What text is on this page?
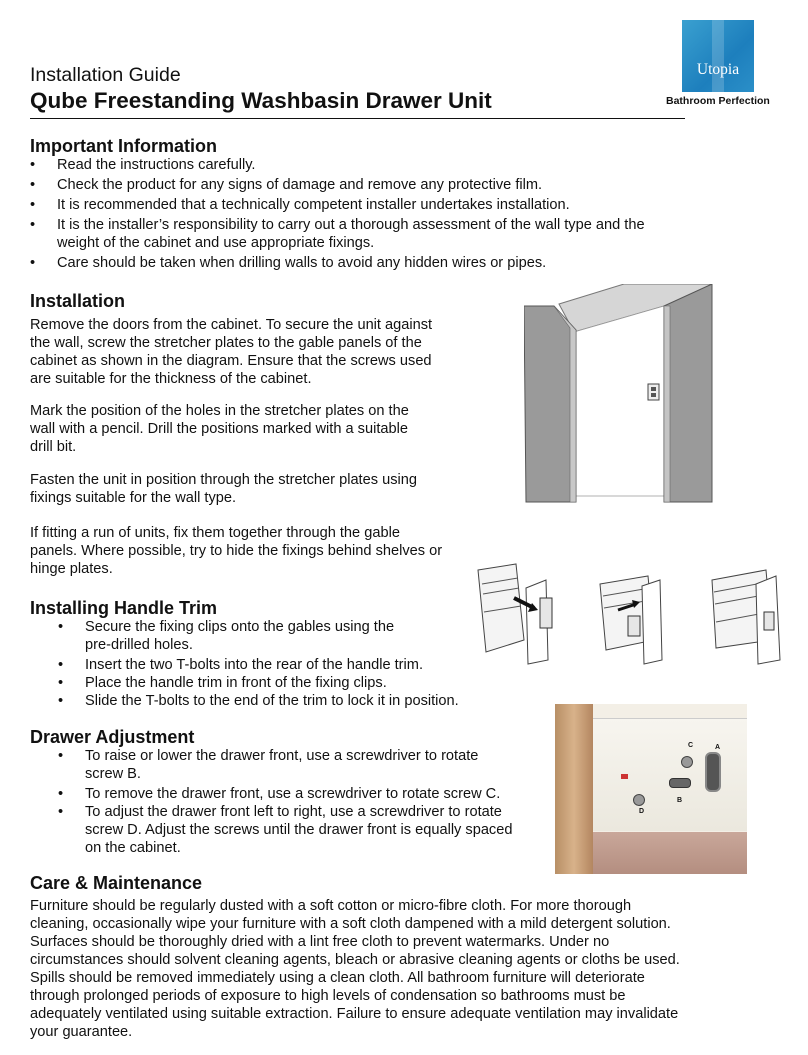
Installation Guide
Qube Freestanding Washbasin Drawer Unit
Utopia
Bathroom Perfection
Important Information
• Read the instructions carefully.
• Check the product for any signs of damage and remove any protective film.
• It is recommended that a technically competent installer undertakes installation.
• It is the installer’s responsibility to carry out a thorough assessment of the wall type and the weight of the cabinet and use appropriate fixings.
• Care should be taken when drilling walls to avoid any hidden wires or pipes.
Installation

Remove the doors from the cabinet. To secure the unit against the wall, screw the stretcher plates to the gable panels of the cabinet as shown in the diagram. Ensure that the screws used are suitable for the thickness of the cabinet.

Mark the position of the holes in the stretcher plates on the wall with a pencil. Drill the positions marked with a suitable drill bit.

Fasten the unit in position through the stretcher plates using fixings suitable for the wall type.

If fitting a run of units, fix them together through the gable panels. Where possible, try to hide the fixings behind shelves or hinge plates.

Installing Handle Trim
• Secure the fixing clips onto the gables using the pre-drilled holes.
• Insert the two T-bolts into the rear of the handle trim.
• Place the handle trim in front of the fixing clips.
• Slide the T-bolts to the end of the trim to lock it in position.
Drawer Adjustment
• To raise or lower the drawer front, use a screwdriver to rotate screw B.
• To remove the drawer front, use a screwdriver to rotate screw C.
• To adjust the drawer front left to right, use a screwdriver to rotate screw D. Adjust the screws until the drawer front is equally spaced on the cabinet.
C	A
B
D
Care & Maintenance

Furniture should be regularly dusted with a soft cotton or micro-fibre cloth. For more thorough cleaning, occasionally wipe your furniture with a soft cloth dampened with a mild detergent solution. Surfaces should be thoroughly dried with a lint free cloth to prevent watermarks. Under no circumstances should solvent cleaning agents, bleach or abrasive cleaning agents or cloths be used. Spills should be removed immediately using a clean cloth. All bathroom furniture will deteriorate through prolonged periods of exposure to high levels of condensation so bathrooms must be adequately ventilated using suitable extraction. Failure to ensure adequate ventilation may invalidate your guarantee.
